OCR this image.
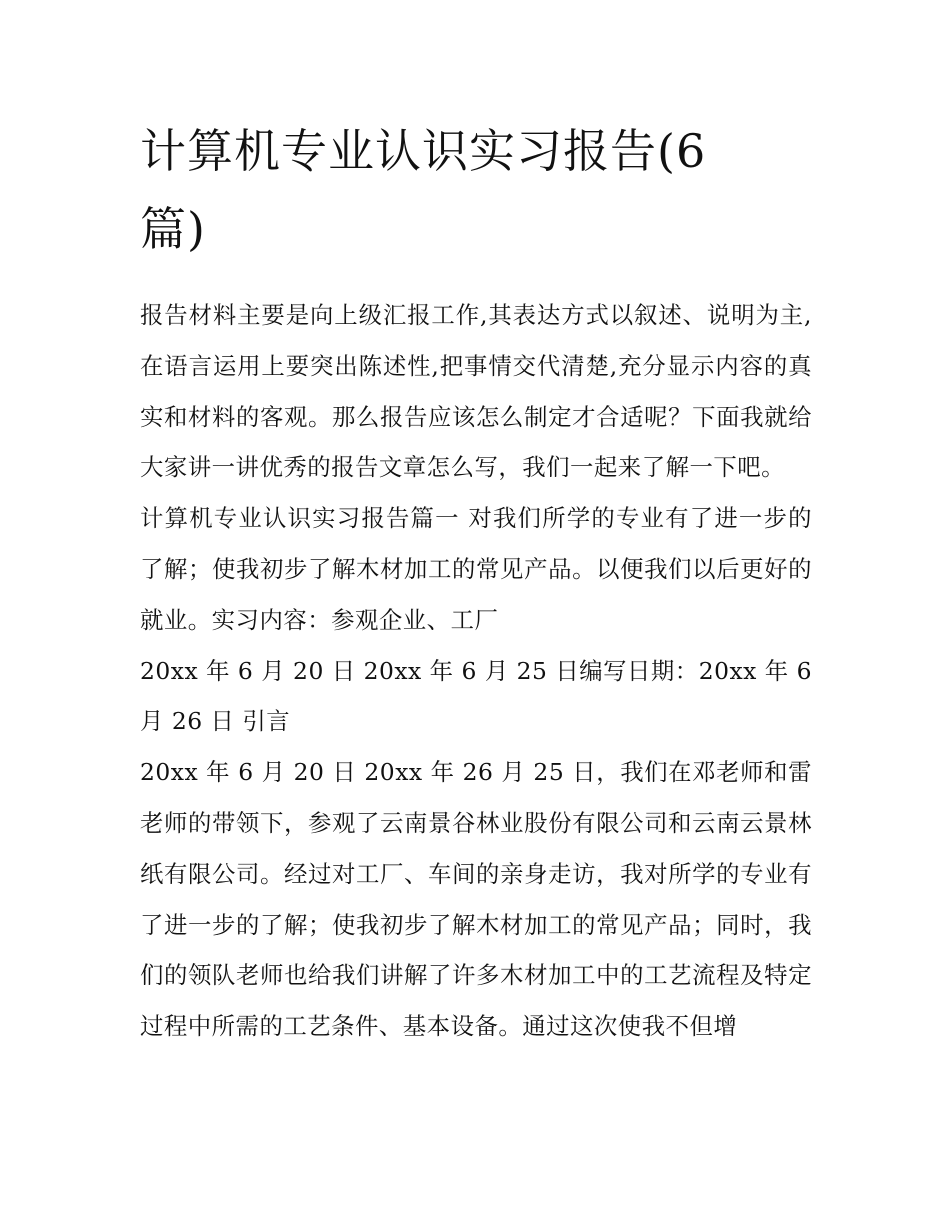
计算机专业认识实习报告(6篇)

报告材料主要是向上级汇报工作,其表达方式以叙述、说明为主,在语言运用上要突出陈述性,把事情交代清楚,充分显示内容的真实和材料的客观。那么报告应该怎么制定才合适呢？下面我就给大家讲一讲优秀的报告文章怎么写，我们一起来了解一下吧。

计算机专业认识实习报告篇一 对我们所学的专业有了进一步的了解；使我初步了解木材加工的常见产品。以便我们以后更好的就业。实习内容：参观企业、工厂

20xx 年 6 月 20 日 20xx 年 6 月 25 日编写日期：20xx 年 6 月 26 日 引言

20xx 年 6 月 20 日 20xx 年 26 月 25 日，我们在邓老师和雷老师的带领下，参观了云南景谷林业股份有限公司和云南云景林纸有限公司。经过对工厂、车间的亲身走访，我对所学的专业有了进一步的了解；使我初步了解木材加工的常见产品；同时，我们的领队老师也给我们讲解了许多木材加工中的工艺流程及特定过程中所需的工艺条件、基本设备。通过这次使我不但增
